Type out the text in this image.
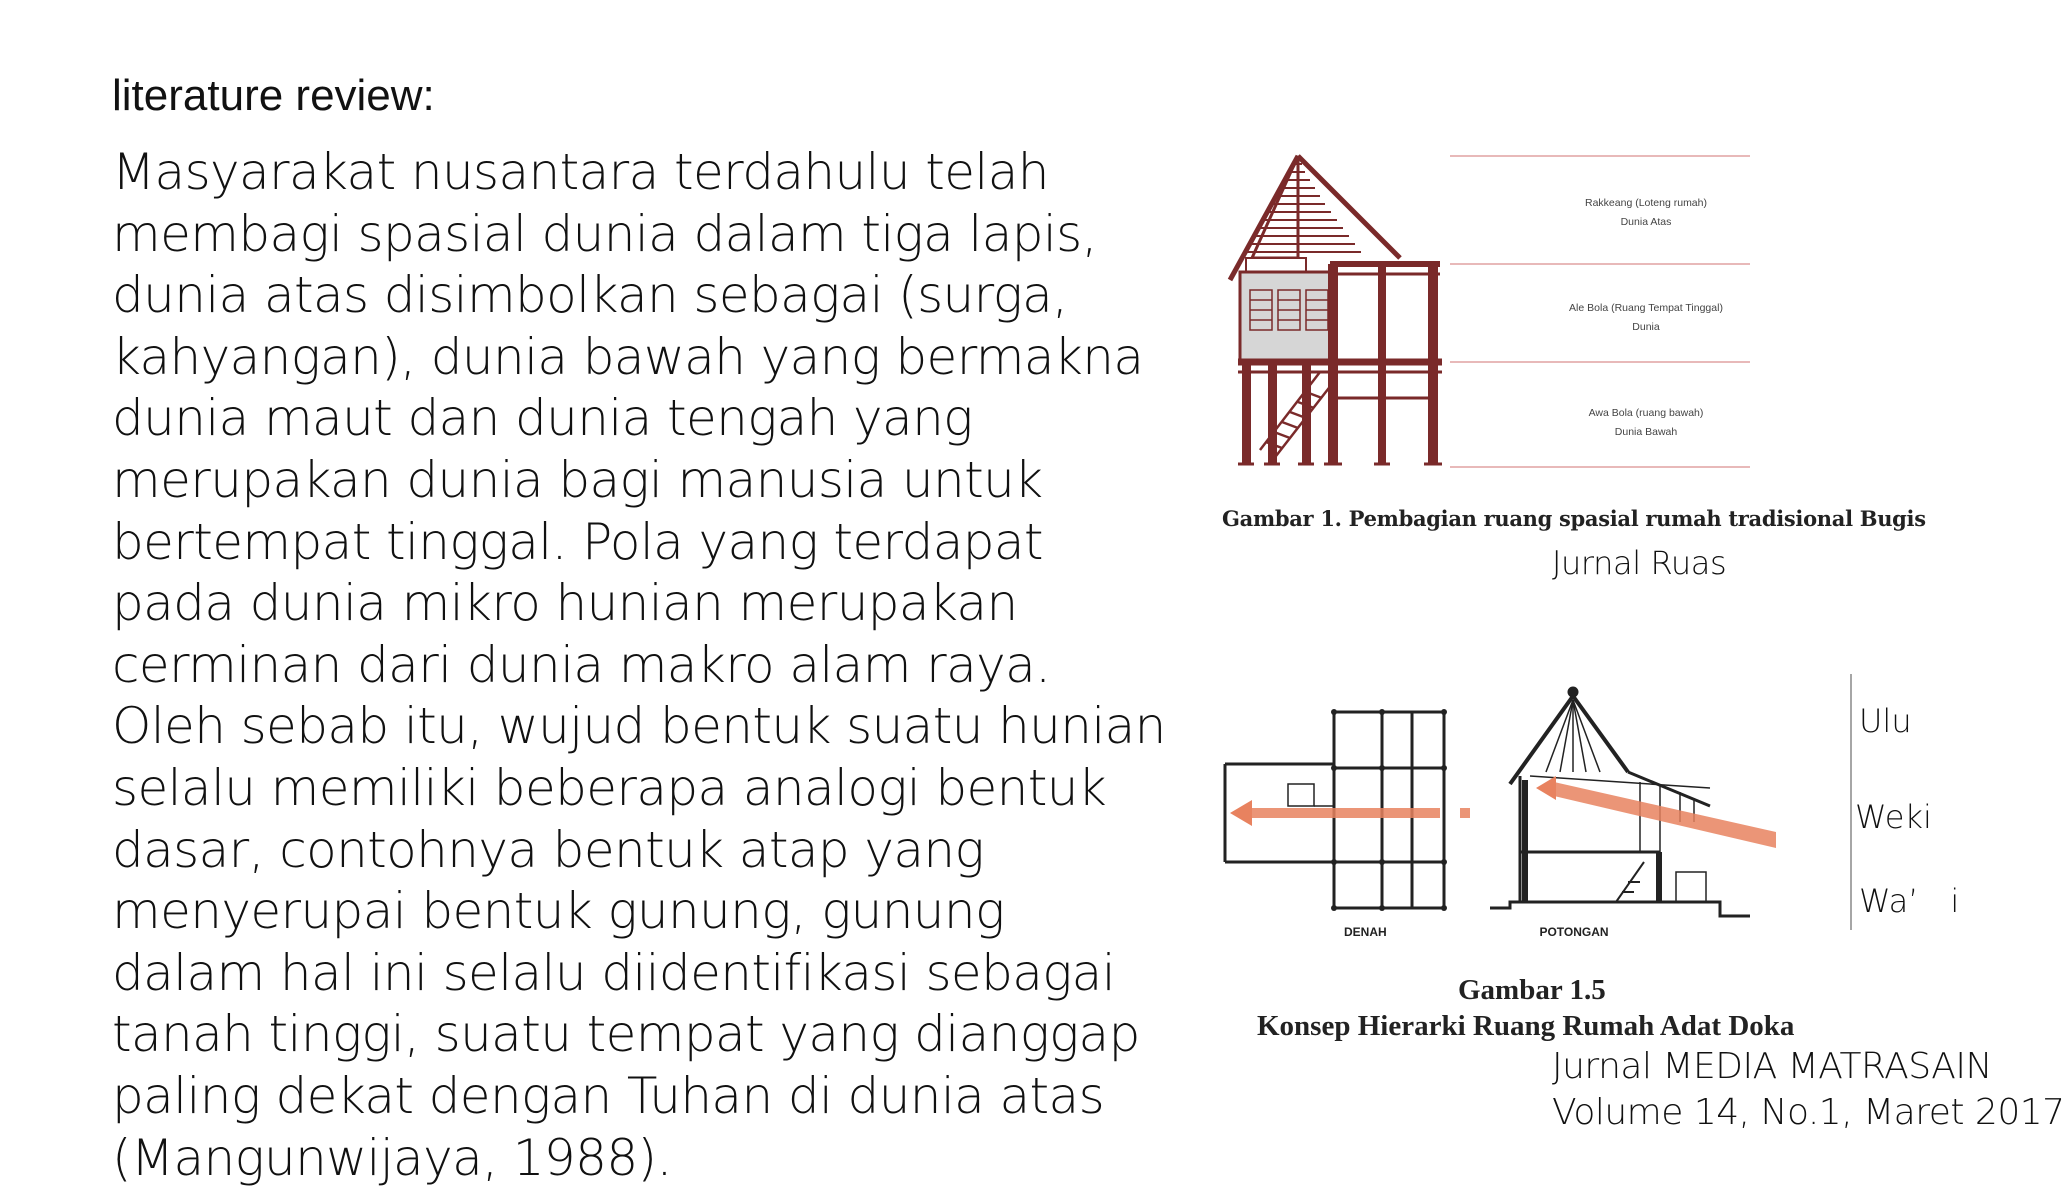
literature review:
Masyarakat nusantara terdahulu telah
membagi spasial dunia dalam tiga lapis,
dunia atas disimbolkan sebagai (surga,
kahyangan), dunia bawah yang bermakna
dunia maut dan dunia tengah yang
merupakan dunia bagi manusia untuk
bertempat tinggal. Pola yang terdapat
pada dunia mikro hunian merupakan
cerminan dari dunia makro alam raya.
Oleh sebab itu, wujud bentuk suatu hunian
selalu memiliki beberapa analogi bentuk
dasar, contohnya bentuk atap yang
menyerupai bentuk gunung, gunung
dalam hal ini selalu diidentifikasi sebagai
tanah tinggi, suatu tempat yang dianggap
paling dekat dengan Tuhan di dunia atas
(Mangunwijaya, 1988).
Rakkeang (Loteng rumah)
Dunia Atas
Ale Bola (Ruang Tempat Tinggal)
Dunia
Awa Bola (ruang bawah)
Dunia Bawah
Gambar 1. Pembagian ruang spasial rumah tradisional Bugis
Jurnal Ruas
DENAH	POTONGAN
Ulu
Weki
Wa’ i
Gambar 1.5
Konsep Hierarki Ruang Rumah Adat Doka
Jurnal MEDIA MATRASAIN
Volume 14, No.1, Maret 2017
